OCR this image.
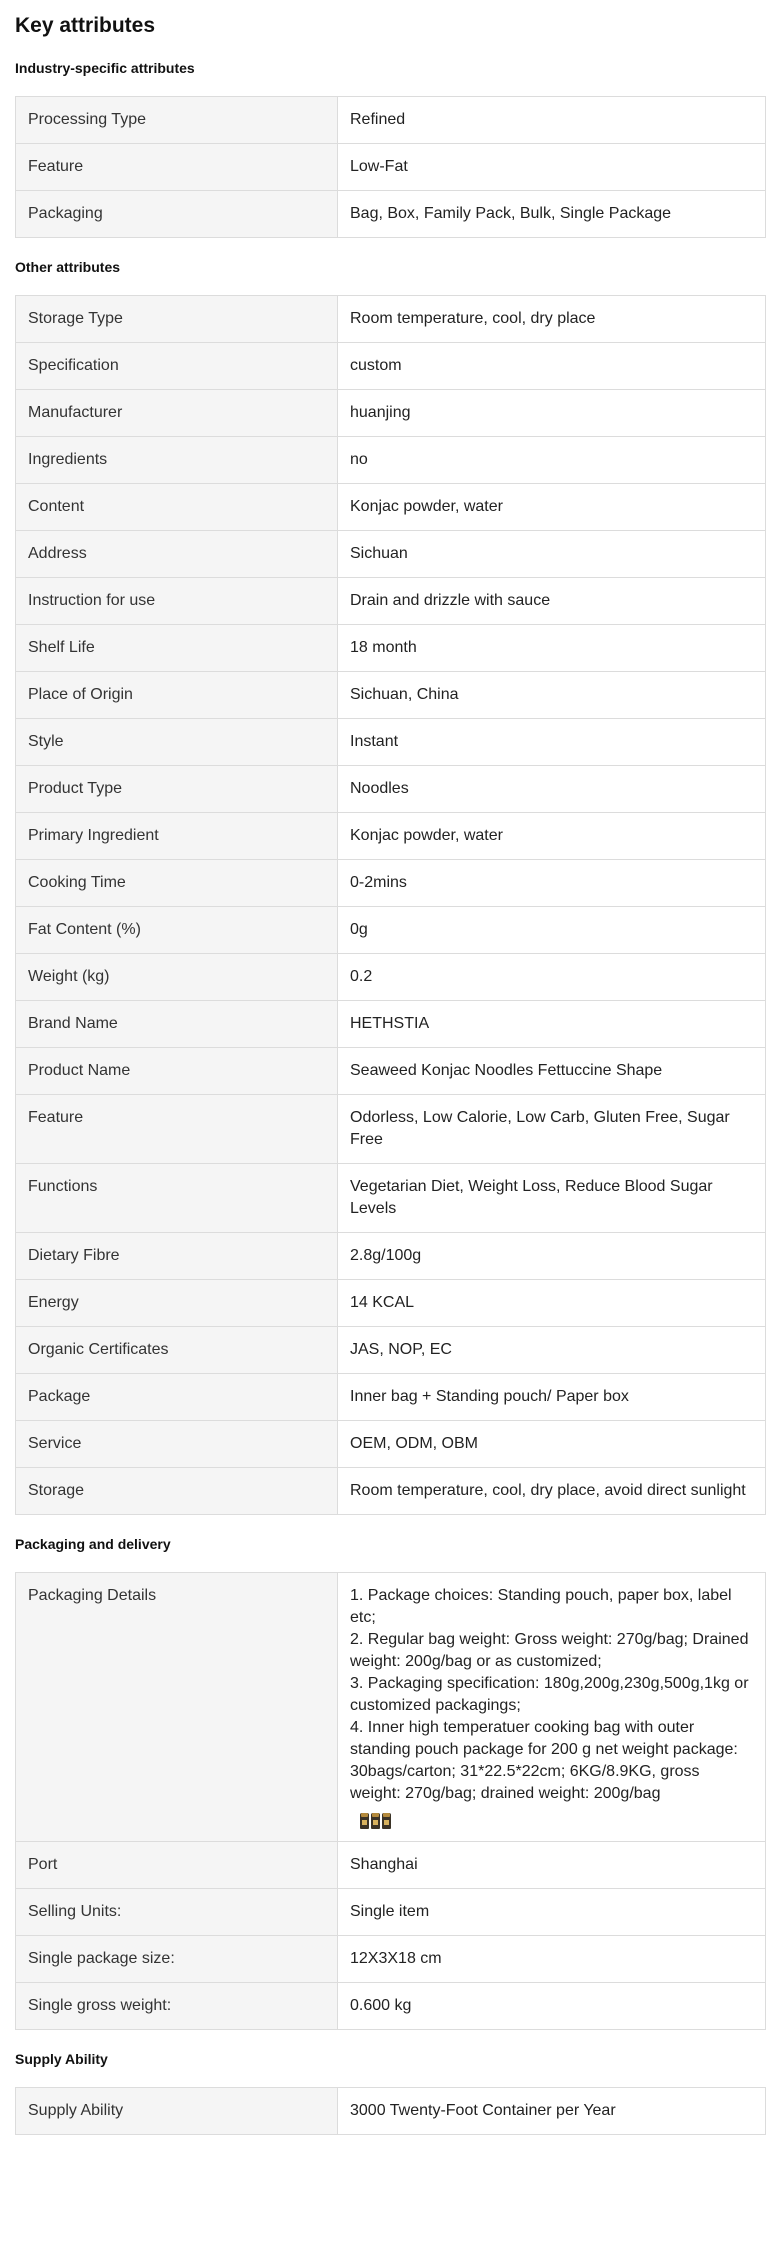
Key attributes
Industry-specific attributes
Processing Type	Refined
Feature	Low-Fat
Packaging	Bag, Box, Family Pack, Bulk, Single Package
Other attributes
Storage Type	Room temperature, cool, dry place
Specification	custom
Manufacturer	huanjing
Ingredients	no
Content	Konjac powder, water
Address	Sichuan
Instruction for use	Drain and drizzle with sauce
Shelf Life	18 month
Place of Origin	Sichuan, China
Style	Instant
Product Type	Noodles
Primary Ingredient	Konjac powder, water
Cooking Time	0-2mins
Fat Content (%)	0g
Weight (kg)	0.2
Brand Name	HETHSTIA
Product Name	Seaweed Konjac Noodles Fettuccine Shape
Feature	Odorless, Low Calorie, Low Carb, Gluten Free, Sugar Free
Functions	Vegetarian Diet, Weight Loss, Reduce Blood Sugar Levels
Dietary Fibre	2.8g/100g
Energy	14 KCAL
Organic Certificates	JAS, NOP, EC
Package	Inner bag + Standing pouch/ Paper box
Service	OEM, ODM, OBM
Storage	Room temperature, cool, dry place, avoid direct sunlight
Packaging and delivery
Packaging Details	1. Package choices: Standing pouch, paper box, label etc;
2. Regular bag weight: Gross weight: 270g/bag; Drained weight: 200g/bag or as customized;
3. Packaging specification: 180g,200g,230g,500g,1kg or customized packagings;
4. Inner high temperatuer cooking bag with outer standing pouch package for 200 g net weight package: 30bags/carton; 31*22.5*22cm; 6KG/8.9KG, gross weight: 270g/bag; drained weight: 200g/bag

Port	Shanghai
Selling Units:	Single item
Single package size:	12X3X18 cm
Single gross weight:	0.600 kg
Supply Ability
Supply Ability	3000 Twenty-Foot Container per Year
